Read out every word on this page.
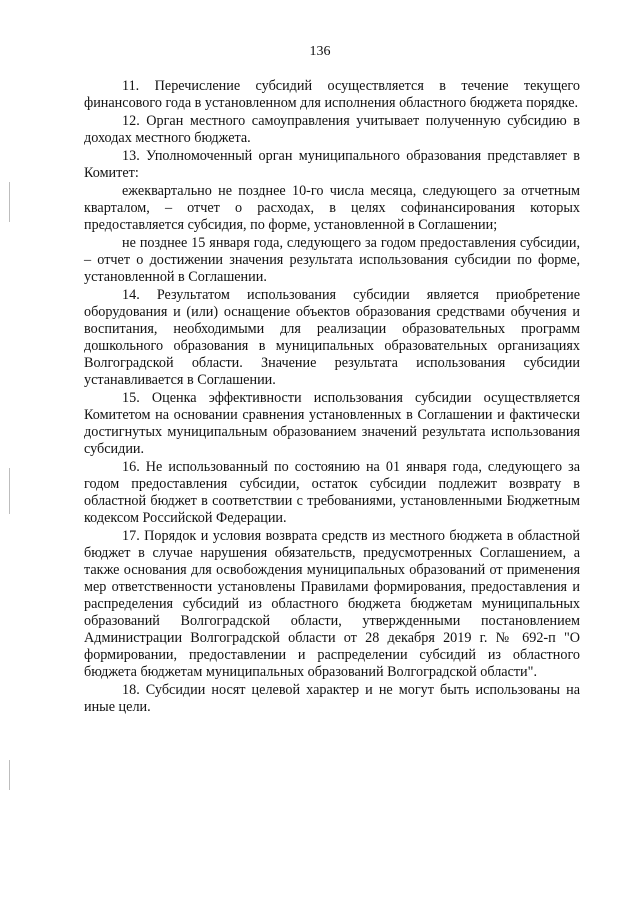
136

11. Перечисление субсидий осуществляется в течение текущего финансового года в установленном для исполнения областного бюджета порядке.

12. Орган местного самоуправления учитывает полученную субсидию в доходах местного бюджета.

13. Уполномоченный орган муниципального образования представляет в Комитет:

ежеквартально не позднее 10-го числа месяца, следующего за отчетным кварталом, – отчет о расходах, в целях софинансирования которых предоставляется субсидия, по форме, установленной в Соглашении;

не позднее 15 января года, следующего за годом предоставления субсидии, – отчет о достижении значения результата использования субсидии по форме, установленной в Соглашении.

14. Результатом использования субсидии является приобретение оборудования и (или) оснащение объектов образования средствами обучения и воспитания, необходимыми для реализации образовательных программ дошкольного образования в муниципальных образовательных организациях Волгоградской области. Значение результата использования субсидии устанавливается в Соглашении.

15. Оценка эффективности использования субсидии осуществляется Комитетом на основании сравнения установленных в Соглашении и фактически достигнутых муниципальным образованием значений результата использования субсидии.

16. Не использованный по состоянию на 01 января года, следующего за годом предоставления субсидии, остаток субсидии подлежит возврату в областной бюджет в соответствии с требованиями, установленными Бюджетным кодексом Российской Федерации.

17. Порядок и условия возврата средств из местного бюджета в областной бюджет в случае нарушения обязательств, предусмотренных Соглашением, а также основания для освобождения муниципальных образований от применения мер ответственности установлены Правилами формирования, предоставления и распределения субсидий из областного бюджета бюджетам муниципальных образований Волгоградской области, утвержденными постановлением Администрации Волгоградской области от 28 декабря 2019 г. № 692-п "О формировании, предоставлении и распределении субсидий из областного бюджета бюджетам муниципальных образований Волгоградской области".

18. Субсидии носят целевой характер и не могут быть использованы на иные цели.
